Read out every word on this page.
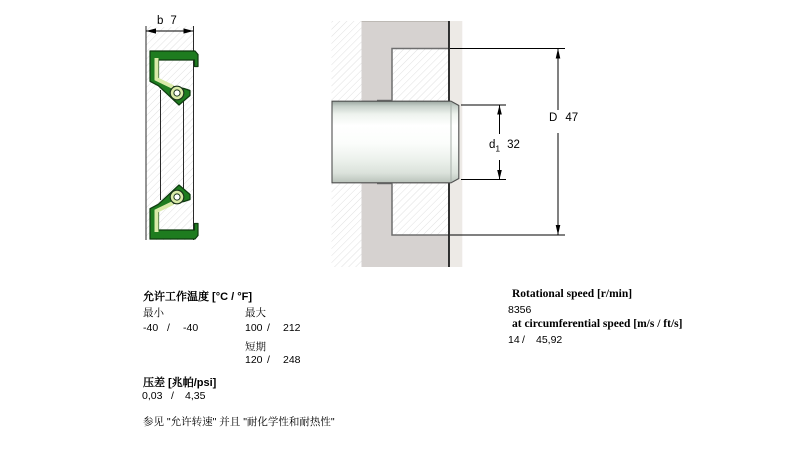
b 7
$d_1$ 32
D 47
允许工作温度 [°C / °F]
最小	最大
-40 / -40	100 / 212
短期
120 / 248
压差 [兆帕/psi]
0,03 / 4,35
参见 "允许转速" 并且 "耐化学性和耐热性"
Rotational speed [r/min]
8356
at circumferential speed [m/s / ft/s]
14 / 45,92
